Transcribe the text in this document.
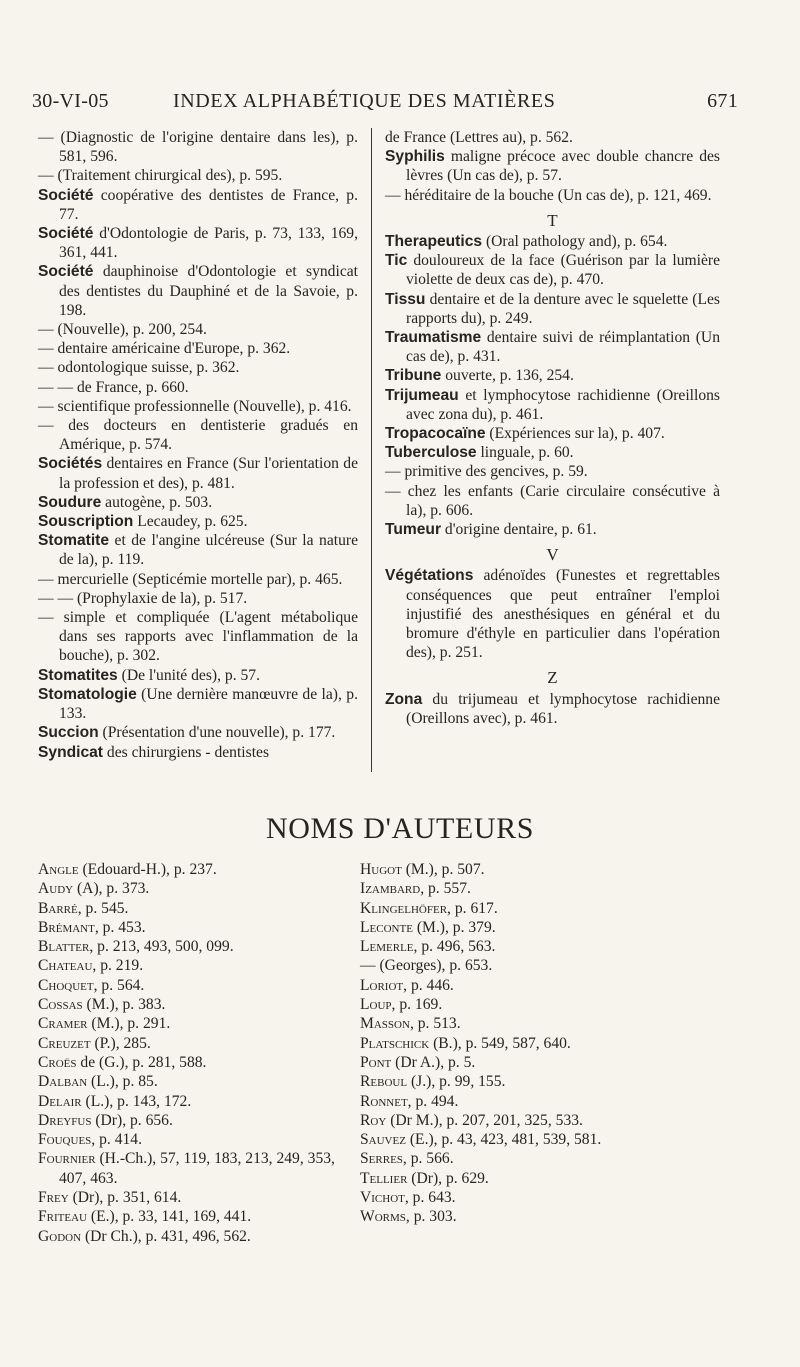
30-VI-05	INDEX ALPHABÉTIQUE DES MATIÈRES	671

— (Diagnostic de l'origine dentaire dans les), p. 581, 596.

— (Traitement chirurgical des), p. 595.

Société coopérative des dentistes de France, p. 77.

Société d'Odontologie de Paris, p. 73, 133, 169, 361, 441.

Société dauphinoise d'Odontologie et syndicat des dentistes du Dauphiné et de la Savoie, p. 198.

— (Nouvelle), p. 200, 254.

— dentaire américaine d'Europe, p. 362.

— odontologique suisse, p. 362.

— — de France, p. 660.

— scientifique professionnelle (Nouvelle), p. 416.

— des docteurs en dentisterie gradués en Amérique, p. 574.

Sociétés dentaires en France (Sur l'orientation de la profession et des), p. 481.

Soudure autogène, p. 503.

Souscription Lecaudey, p. 625.

Stomatite et de l'angine ulcéreuse (Sur la nature de la), p. 119.

— mercurielle (Septicémie mortelle par), p. 465.

— — (Prophylaxie de la), p. 517.

— simple et compliquée (L'agent métabolique dans ses rapports avec l'inflammation de la bouche), p. 302.

Stomatites (De l'unité des), p. 57.

Stomatologie (Une dernière manœuvre de la), p. 133.

Succion (Présentation d'une nouvelle), p. 177.

Syndicat des chirurgiens - dentistes

de France (Lettres au), p. 562.

Syphilis maligne précoce avec double chancre des lèvres (Un cas de), p. 57.

— héréditaire de la bouche (Un cas de), p. 121, 469.

T

Therapeutics (Oral pathology and), p. 654.

Tic douloureux de la face (Guérison par la lumière violette de deux cas de), p. 470.

Tissu dentaire et de la denture avec le squelette (Les rapports du), p. 249.

Traumatisme dentaire suivi de réimplantation (Un cas de), p. 431.

Tribune ouverte, p. 136, 254.

Trijumeau et lymphocytose rachidienne (Oreillons avec zona du), p. 461.

Tropacocaïne (Expériences sur la), p. 407.

Tuberculose linguale, p. 60.

— primitive des gencives, p. 59.

— chez les enfants (Carie circulaire consécutive à la), p. 606.

Tumeur d'origine dentaire, p. 61.

V

Végétations adénoïdes (Funestes et regrettables conséquences que peut entraîner l'emploi injustifié des anesthésiques en général et du bromure d'éthyle en particulier dans l'opération des), p. 251.

Z

Zona du trijumeau et lymphocytose rachidienne (Oreillons avec), p. 461.

NOMS D'AUTEURS

Angle (Edouard-H.), p. 237.

Audy (A), p. 373.

Barré, p. 545.

Brémant, p. 453.

Blatter, p. 213, 493, 500, 099.

Chateau, p. 219.

Choquet, p. 564.

Cossas (M.), p. 383.

Cramer (M.), p. 291.

Creuzet (P.), 285.

Croës de (G.), p. 281, 588.

Dalban (L.), p. 85.

Delair (L.), p. 143, 172.

Dreyfus (Dr), p. 656.

Fouques, p. 414.

Fournier (H.-Ch.), 57, 119, 183, 213, 249, 353, 407, 463.

Frey (Dr), p. 351, 614.

Friteau (E.), p. 33, 141, 169, 441.

Godon (Dr Ch.), p. 431, 496, 562.

Hugot (M.), p. 507.

Izambard, p. 557.

Klingelhöfer, p. 617.

Leconte (M.), p. 379.

Lemerle, p. 496, 563.

— (Georges), p. 653.

Loriot, p. 446.

Loup, p. 169.

Masson, p. 513.

Platschick (B.), p. 549, 587, 640.

Pont (Dr A.), p. 5.

Reboul (J.), p. 99, 155.

Ronnet, p. 494.

Roy (Dr M.), p. 207, 201, 325, 533.

Sauvez (E.), p. 43, 423, 481, 539, 581.

Serres, p. 566.

Tellier (Dr), p. 629.

Vichot, p. 643.

Worms, p. 303.
